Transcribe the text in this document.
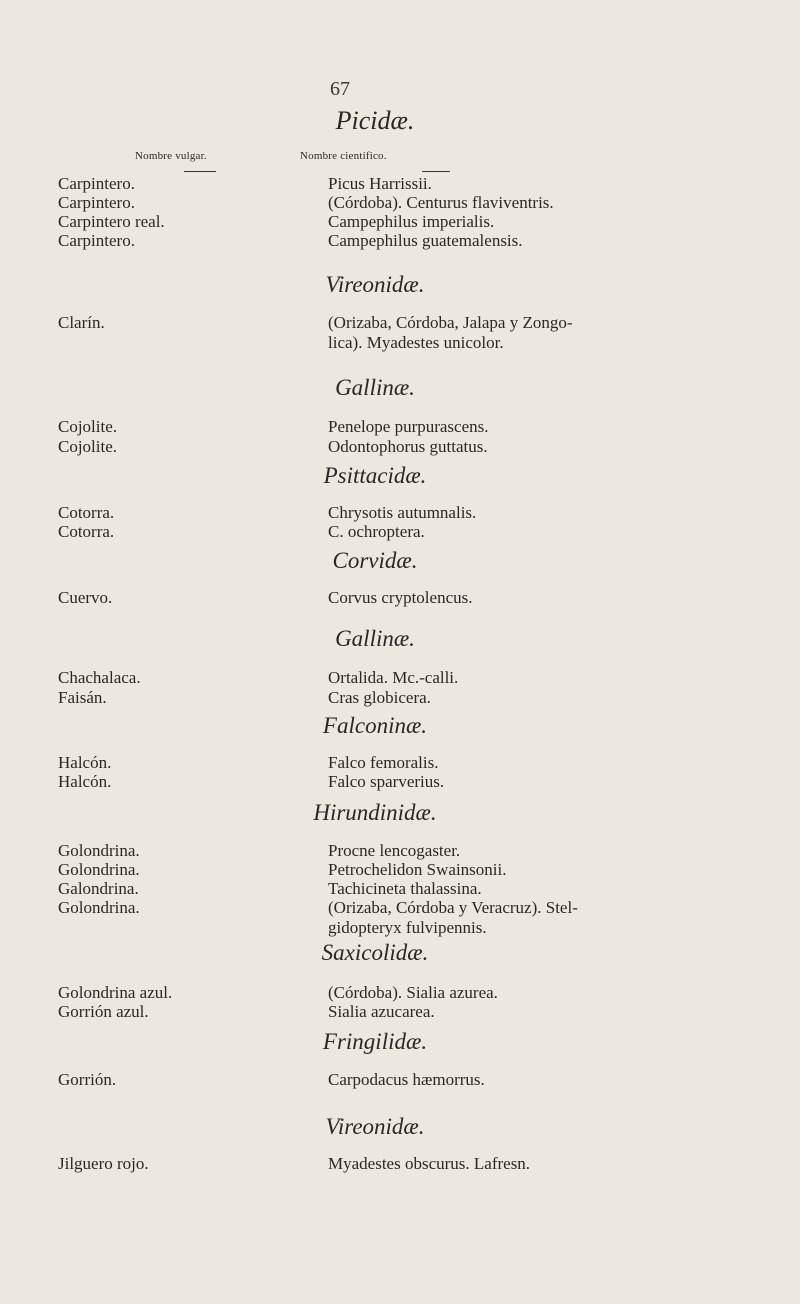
67
Nombre vulgar.	Nombre científico.
Picidæ.
Carpintero.	Picus Harrissii.
Carpintero.	(Córdoba). Centurus flaviventris.
Carpintero real.	Campephilus imperialis.
Carpintero.	Campephilus guatemalensis.
Vireonidæ.
Clarín.	(Orizaba, Córdoba, Jalapa y Zongo-
lica). Myadestes unicolor.
Gallinæ.
Cojolite.	Penelope purpurascens.
Cojolite.	Odontophorus guttatus.
Psittacidæ.
Cotorra.	Chrysotis autumnalis.
Cotorra.	C. ochroptera.
Corvidæ.
Cuervo.	Corvus cryptolencus.
Gallinæ.
Chachalaca.	Ortalida. Mc.-calli.
Faisán.	Cras globicera.
Falconinæ.
Halcón.	Falco femoralis.
Halcón.	Falco sparverius.
Hirundinidæ.
Golondrina.	Procne lencogaster.
Golondrina.	Petrochelidon Swainsonii.
Galondrina.	Tachicineta thalassina.
Golondrina.	(Orizaba, Córdoba y Veracruz). Stel-
gidopteryx fulvipennis.
Saxicolidæ.
Golondrina azul.	(Córdoba). Sialia azurea.
Gorrión azul.	Sialia azucarea.
Fringilidæ.
Gorrión.	Carpodacus hæmorrus.
Vireonidæ.
Jilguero rojo.	Myadestes obscurus. Lafresn.
